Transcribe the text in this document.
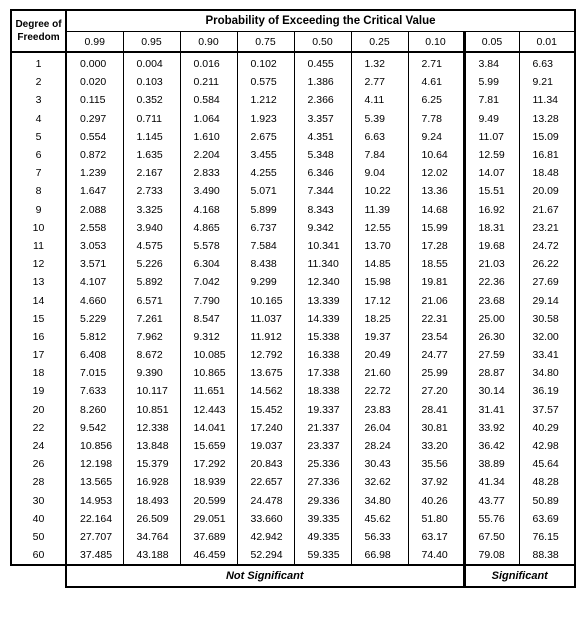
Degree of
Freedom	Probability of Exceeding the Critical Value								
	0.99	0.95	0.90	0.75	0.50	0.25	0.10	0.05	0.01
1	0.000	0.004	0.016	0.102	0.455	1.32	2.71	3.84	6.63
2	0.020	0.103	0.211	0.575	1.386	2.77	4.61	5.99	9.21
3	0.115	0.352	0.584	1.212	2.366	4.11	6.25	7.81	11.34
4	0.297	0.711	1.064	1.923	3.357	5.39	7.78	9.49	13.28
5	0.554	1.145	1.610	2.675	4.351	6.63	9.24	11.07	15.09
6	0.872	1.635	2.204	3.455	5.348	7.84	10.64	12.59	16.81
7	1.239	2.167	2.833	4.255	6.346	9.04	12.02	14.07	18.48
8	1.647	2.733	3.490	5.071	7.344	10.22	13.36	15.51	20.09
9	2.088	3.325	4.168	5.899	8.343	11.39	14.68	16.92	21.67
10	2.558	3.940	4.865	6.737	9.342	12.55	15.99	18.31	23.21
11	3.053	4.575	5.578	7.584	10.341	13.70	17.28	19.68	24.72
12	3.571	5.226	6.304	8.438	11.340	14.85	18.55	21.03	26.22
13	4.107	5.892	7.042	9.299	12.340	15.98	19.81	22.36	27.69
14	4.660	6.571	7.790	10.165	13.339	17.12	21.06	23.68	29.14
15	5.229	7.261	8.547	11.037	14.339	18.25	22.31	25.00	30.58
16	5.812	7.962	9.312	11.912	15.338	19.37	23.54	26.30	32.00
17	6.408	8.672	10.085	12.792	16.338	20.49	24.77	27.59	33.41
18	7.015	9.390	10.865	13.675	17.338	21.60	25.99	28.87	34.80
19	7.633	10.117	11.651	14.562	18.338	22.72	27.20	30.14	36.19
20	8.260	10.851	12.443	15.452	19.337	23.83	28.41	31.41	37.57
22	9.542	12.338	14.041	17.240	21.337	26.04	30.81	33.92	40.29
24	10.856	13.848	15.659	19.037	23.337	28.24	33.20	36.42	42.98
26	12.198	15.379	17.292	20.843	25.336	30.43	35.56	38.89	45.64
28	13.565	16.928	18.939	22.657	27.336	32.62	37.92	41.34	48.28
30	14.953	18.493	20.599	24.478	29.336	34.80	40.26	43.77	50.89
40	22.164	26.509	29.051	33.660	39.335	45.62	51.80	55.76	63.69
50	27.707	34.764	37.689	42.942	49.335	56.33	63.17	67.50	76.15
60	37.485	43.188	46.459	52.294	59.335	66.98	74.40	79.08	88.38
	Not Significant							Significant	
